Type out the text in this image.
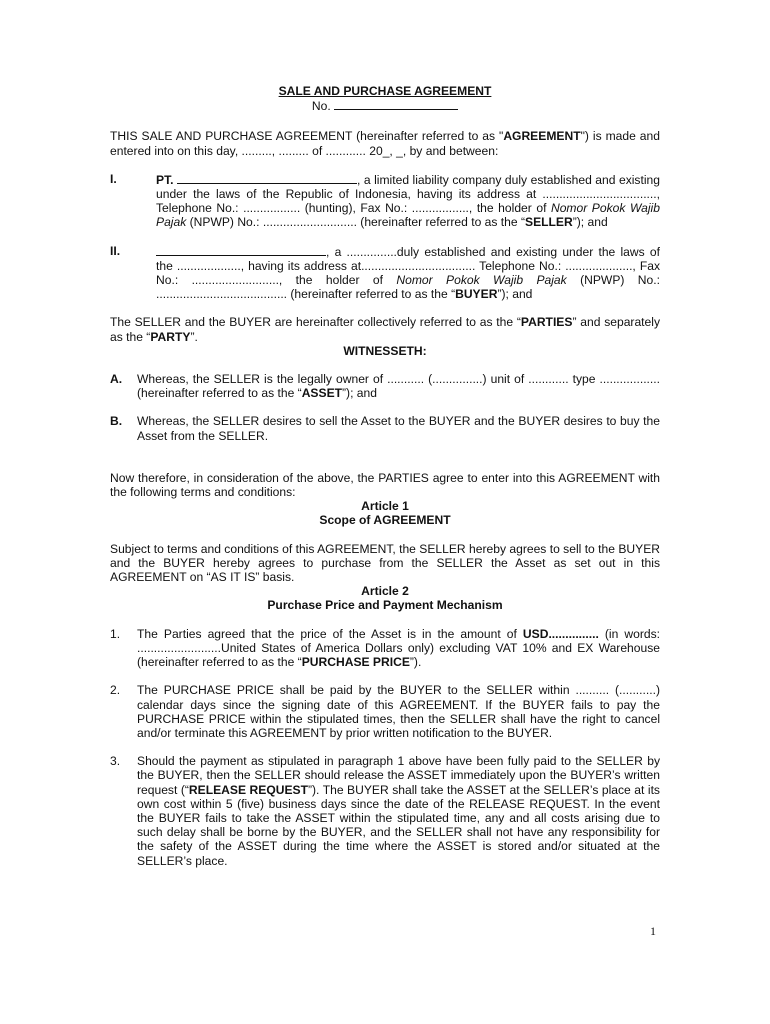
SALE AND PURCHASE AGREEMENT

No.

THIS SALE AND PURCHASE AGREEMENT (hereinafter referred to as "AGREEMENT") is made and entered into on this day, ........., ......... of ............ 20_, _, by and between:

I.	PT.	, a limited liability company duly established and existing under the laws of the Republic of Indonesia, having its address at .................................., Telephone No.: ................. (hunting), Fax No.: ................., the holder of Nomor Pokok Wajib Pajak (NPWP) No.: ............................ (hereinafter referred to as the “SELLER”); and
II.	, a ...............duly established and existing under the laws of the ..................., having its address at.................................. Telephone No.: ...................., Fax No.: .........................., the holder of Nomor Pokok Wajib Pajak (NPWP) No.: ....................................... (hereinafter referred to as the “BUYER”); and

The SELLER and the BUYER are hereinafter collectively referred to as the “PARTIES” and separately as the “PARTY”.

WITNESSETH:

A.	Whereas, the SELLER is the legally owner of ........... (...............) unit of ............ type .................. (hereinafter referred to as the “ASSET”); and
B.	Whereas, the SELLER desires to sell the Asset to the BUYER and the BUYER desires to buy the Asset from the SELLER.

Now therefore, in consideration of the above, the PARTIES agree to enter into this AGREEMENT with the following terms and conditions:

Article 1

Scope of AGREEMENT

Subject to terms and conditions of this AGREEMENT, the SELLER hereby agrees to sell to the BUYER and the BUYER hereby agrees to purchase from the SELLER the Asset as set out in this AGREEMENT on “AS IT IS” basis.

Article 2

Purchase Price and Payment Mechanism

1.	The Parties agreed that the price of the Asset is in the amount of USD............... (in words: .........................United States of America Dollars only) excluding VAT 10% and EX Warehouse (hereinafter referred to as the “PURCHASE PRICE”).
2.	The PURCHASE PRICE shall be paid by the BUYER to the SELLER within .......... (...........) calendar days since the signing date of this AGREEMENT. If the BUYER fails to pay the PURCHASE PRICE within the stipulated times, then the SELLER shall have the right to cancel and/or terminate this AGREEMENT by prior written notification to the BUYER.
3.	Should the payment as stipulated in paragraph 1 above have been fully paid to the SELLER by the BUYER, then the SELLER should release the ASSET immediately upon the BUYER’s written request (“RELEASE REQUEST”). The BUYER shall take the ASSET at the SELLER’s place at its own cost within 5 (five) business days since the date of the RELEASE REQUEST. In the event the BUYER fails to take the ASSET within the stipulated time, any and all costs arising due to such delay shall be borne by the BUYER, and the SELLER shall not have any responsibility for the safety of the ASSET during the time where the ASSET is stored and/or situated at the SELLER’s place.
1
